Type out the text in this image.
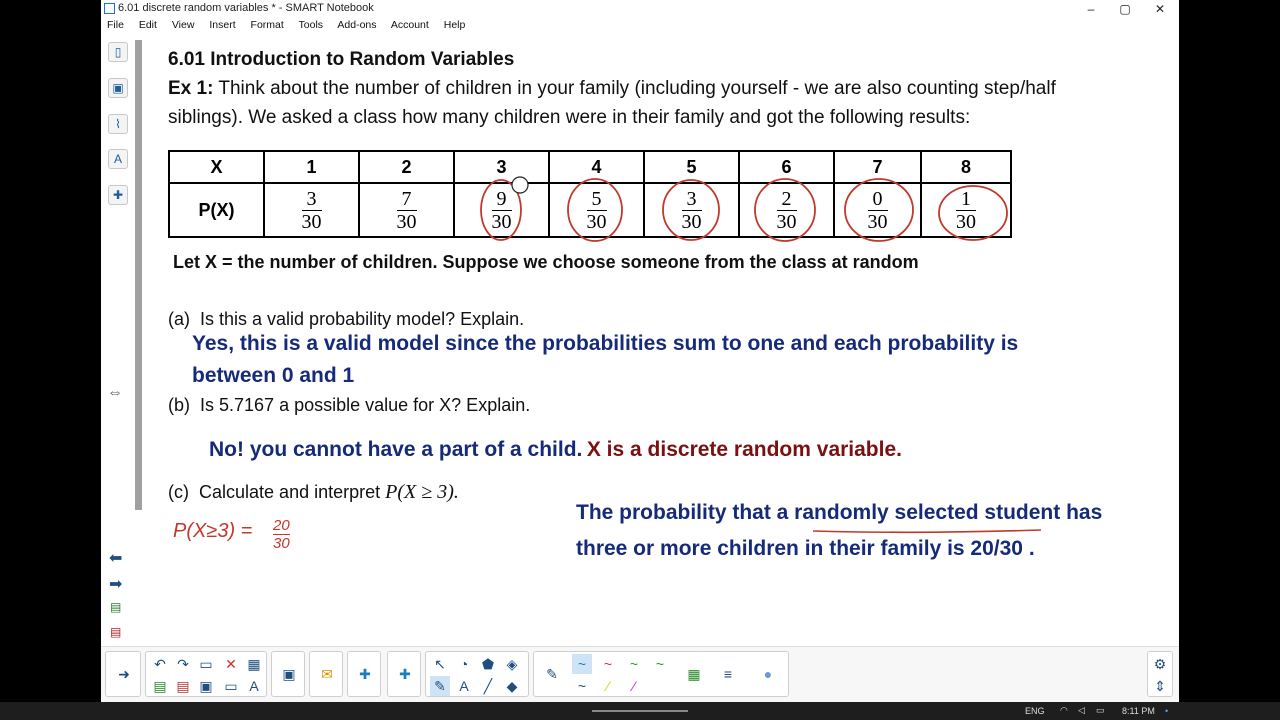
6.01 discrete random variables * - SMART Notebook	–	▢	✕
File Edit View Insert Format Tools Add-ons Account Help
▯
▣
⌇
A
✚
⇔
⬅
➡
▤
▤
6.01 Introduction to Random Variables
Ex 1: Think about the number of children in your family (including yourself - we are also counting step/half
siblings). We asked a class how many children were in their family and got the following results:
X	1	2	3	4	5	6	7	8
P(X)	$\frac{3}{30}$	$\frac{7}{30}$	$\frac{9}{30}$	$\frac{5}{30}$	$\frac{3}{30}$	$\frac{2}{30}$	$\frac{0}{30}$	$\frac{1}{30}$
Let X = the number of children. Suppose we choose someone from the class at random
(a) Is this a valid probability model? Explain.
Yes, this is a valid model since the probabilities sum to one and each probability is
between 0 and 1
(b) Is 5.7167 a possible value for X? Explain.
No! you cannot have a part of a child. X is a discrete random variable.
(c) Calculate and interpret P(X ≥ 3).
$P(X\ge 3) = \frac{20}{30}$
The probability that a randomly selected student has
three or more children in their family is 20/30 .
➜
↶ ↷ ▭ ✕ ▦
▤ ▤ ▣ ▭ A
▣ ✉ ✚ ✚
↖ ◔ ⬟ ◈
✎ A	╱	◆
✎
~	~	~	~
~	⁄	⁄
▦	≡	●
⚙
⇕
ENG ◠ ◁ ▭ 8:11 PM •
